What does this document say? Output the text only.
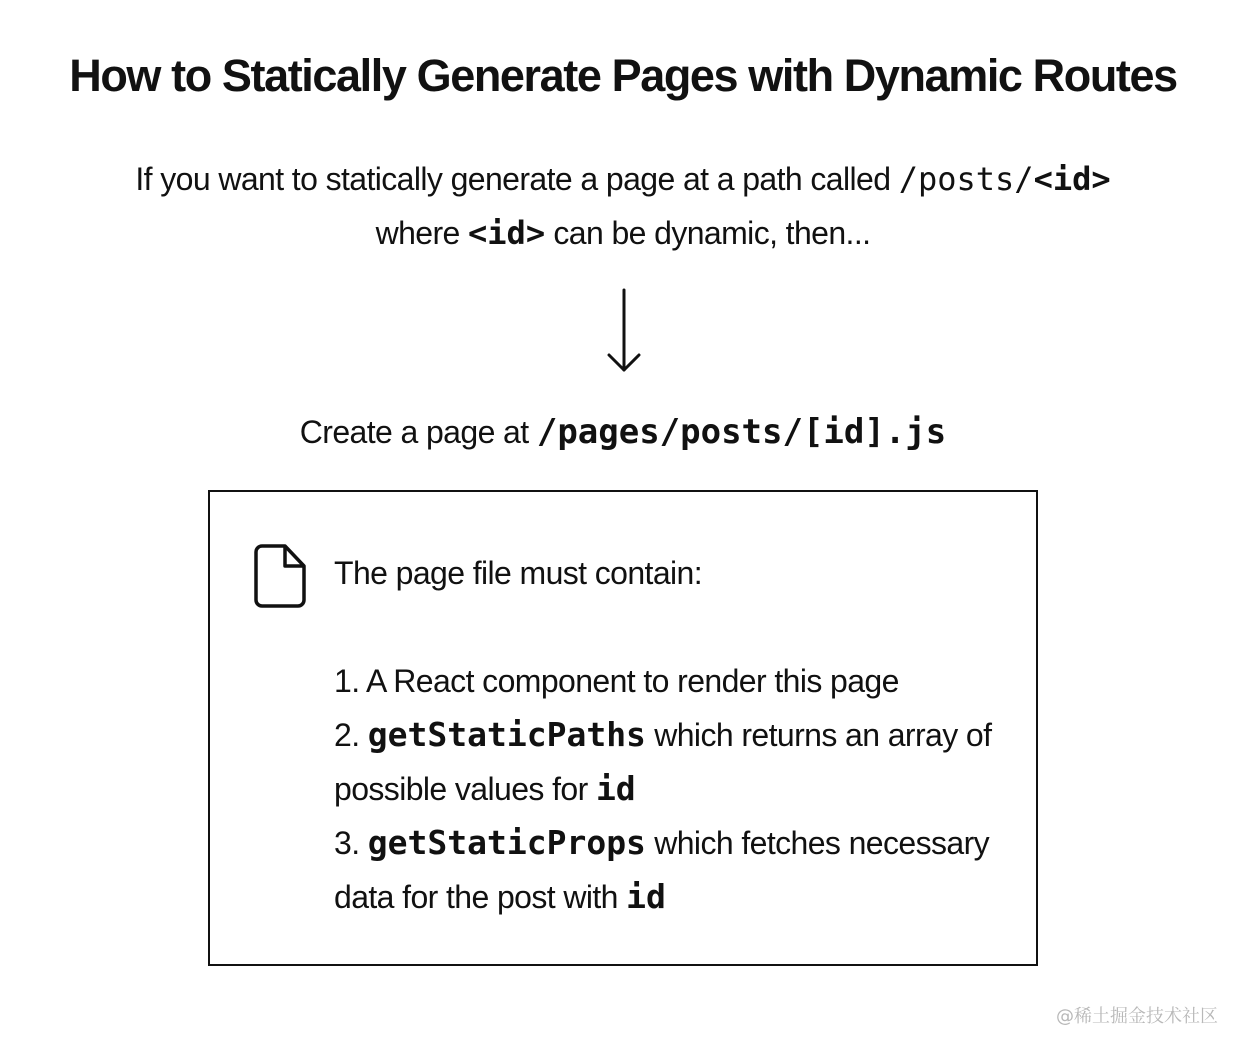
How to Statically Generate Pages with Dynamic Routes
If you want to statically generate a page at a path called /posts/<id>
where <id> can be dynamic, then...
Create a page at /pages/posts/[id].js

The page file must contain:

1. A React component to render this page
2. getStaticPaths which returns an array of possible values for id
3. getStaticProps which fetches necessary data for the post with id
@稀土掘金技术社区
